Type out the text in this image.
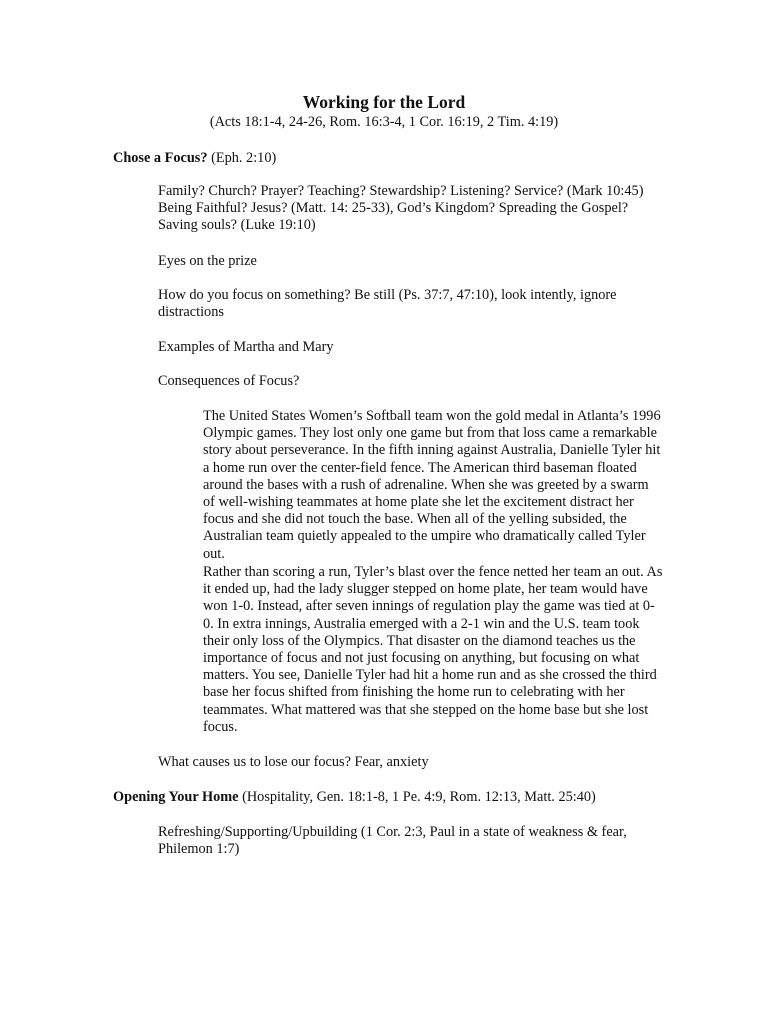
Working for the Lord
(Acts 18:1-4, 24-26, Rom. 16:3-4, 1 Cor. 16:19, 2 Tim. 4:19)

Chose a Focus? (Eph. 2:10)

Family? Church? Prayer? Teaching? Stewardship? Listening? Service? (Mark 10:45) Being Faithful? Jesus? (Matt. 14: 25-33), God’s Kingdom? Spreading the Gospel? Saving souls? (Luke 19:10)

Eyes on the prize

How do you focus on something? Be still (Ps. 37:7, 47:10), look intently, ignore distractions

Examples of Martha and Mary

Consequences of Focus?

The United States Women’s Softball team won the gold medal in Atlanta’s 1996 Olympic games. They lost only one game but from that loss came a remarkable story about perseverance. In the fifth inning against Australia, Danielle Tyler hit a home run over the center-field fence. The American third baseman floated around the bases with a rush of adrenaline. When she was greeted by a swarm of well-wishing teammates at home plate she let the excitement distract her focus and she did not touch the base. When all of the yelling subsided, the Australian team quietly appealed to the umpire who dramatically called Tyler out.

Rather than scoring a run, Tyler’s blast over the fence netted her team an out. As it ended up, had the lady slugger stepped on home plate, her team would have won 1-0. Instead, after seven innings of regulation play the game was tied at 0-0. In extra innings, Australia emerged with a 2-1 win and the U.S. team took their only loss of the Olympics. That disaster on the diamond teaches us the importance of focus and not just focusing on anything, but focusing on what matters. You see, Danielle Tyler had hit a home run and as she crossed the third base her focus shifted from finishing the home run to celebrating with her teammates. What mattered was that she stepped on the home base but she lost focus.

What causes us to lose our focus? Fear, anxiety

Opening Your Home (Hospitality, Gen. 18:1-8, 1 Pe. 4:9, Rom. 12:13, Matt. 25:40)

Refreshing/Supporting/Upbuilding (1 Cor. 2:3, Paul in a state of weakness & fear, Philemon 1:7)
